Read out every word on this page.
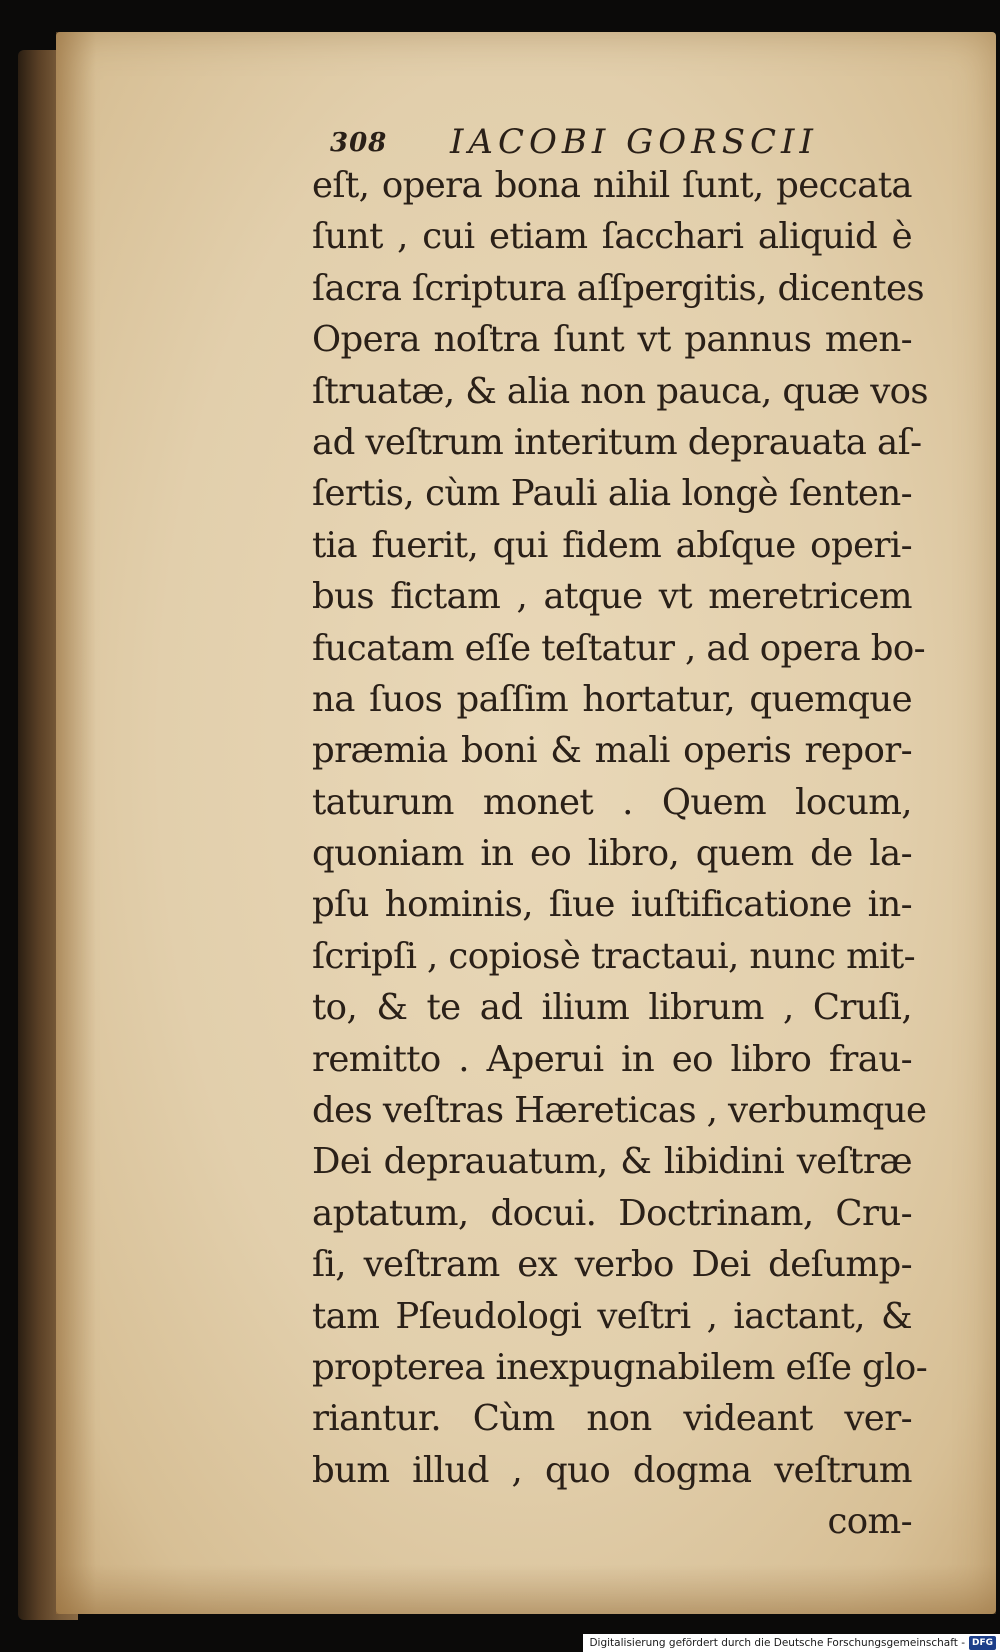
308 IACOBI GORSCII
eſt, opera bona nihil ſunt, peccata
ſunt , cui etiam ſacchari aliquid è
ſacra ſcriptura aſſpergitis, dicentes
Opera noſtra ſunt vt pannus men-
ſtruatæ, & alia non pauca, quæ vos
ad veſtrum interitum deprauata aſ-
ſertis, cùm Pauli alia longè ſenten-
tia fuerit, qui fidem abſque operi-
bus fictam , atque vt meretricem
fucatam eſſe teſtatur , ad opera bo-
na ſuos paſſim hortatur, quemque
præmia boni & mali operis repor-
taturum monet . Quem locum,
quoniam in eo libro, quem de la-
pſu hominis, ſiue iuſtificatione in-
ſcripſi , copiosè tractaui, nunc mit-
to, & te ad ilium librum , Cruſi,
remitto . Aperui in eo libro frau-
des veſtras Hæreticas , verbumque
Dei deprauatum, & libidini veſtræ
aptatum, docui. Doctrinam, Cru-
ſi, veſtram ex verbo Dei deſump-
tam Pſeudologi veſtri , iactant, &
propterea inexpugnabilem eſſe glo-
riantur. Cùm non videant ver-
bum illud , quo dogma veſtrum
com-
Digitalisierung gefördert durch die Deutsche Forschungsgemeinschaft - DFG
